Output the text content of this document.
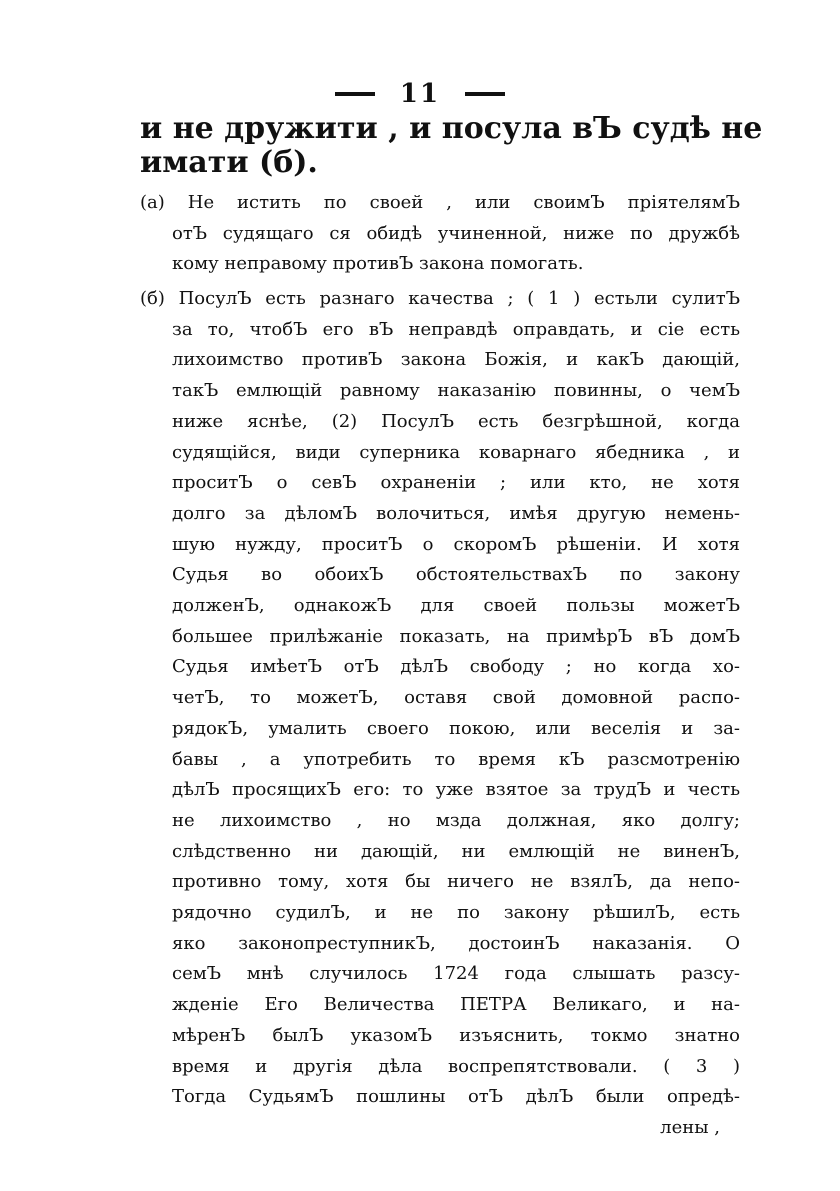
11
и не дружити , и посула вЪ судѣ не
имати (б).
(а) Не истить по своей , или своимЪ пріятелямЪ
отЪ судящаго ся обидѣ учиненной, ниже по дружбѣ
кому неправому противЪ закона помогать.
(б) ПосулЪ есть разнаго качества ; ( 1 ) естьли сулитЪ
за то, чтобЪ его вЪ неправдѣ оправдать, и сіе есть
лихоимство противЪ закона Божія, и какЪ дающій,
такЪ емлющій равному наказанію повинны, о чемЪ
ниже яснѣе, (2) ПосулЪ есть безгрѣшной, когда
судящійся, види суперника коварнаго ябедника , и
проситЪ о севЪ охраненіи ; или кто, не хотя
долго за дѣломЪ волочиться, имѣя другую немень-
шую нужду, проситЪ о скоромЪ рѣшеніи. И хотя
Судья во обоихЪ обстоятельствахЪ по закону
долженЪ, однакожЪ для своей пользы можетЪ
большее прилѣжаніе показать, на примѣрЪ вЪ домЪ
Судья имѣетЪ отЪ дѣлЪ свободу ; но когда хо-
четЪ, то можетЪ, оставя свой домовной распо-
рядокЪ, умалить своего покою, или веселія и за-
бавы , а употребить то время кЪ разсмотренію
дѣлЪ просящихЪ его: то уже взятое за трудЪ и честь
не лихоимство , но мзда должная, яко долгу;
слѣдственно ни дающій, ни емлющій не виненЪ,
противно тому, хотя бы ничего не взялЪ, да непо-
рядочно судилЪ, и не по закону рѣшилЪ, есть
яко законопреступникЪ, достоинЪ наказанія. О
семЪ мнѣ случилось 1724 года слышать разсу-
жденіе Его Величества ПЕТРА Великаго, и на-
мѣренЪ былЪ указомЪ изъяснить, токмо знатно
время и другія дѣла воспрепятствовали. ( 3 )
Тогда СудьямЪ пошлины отЪ дѣлЪ были опредѣ-
лены ,
